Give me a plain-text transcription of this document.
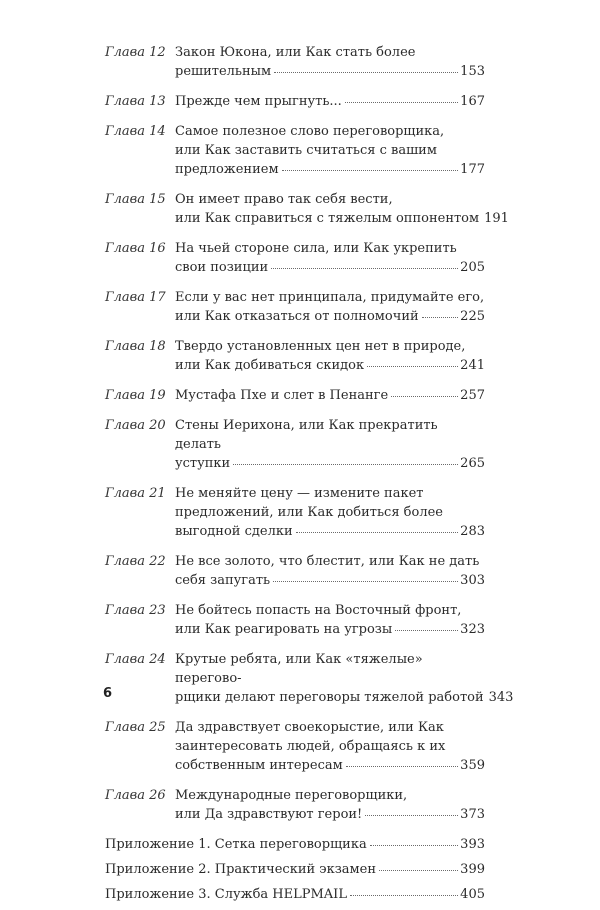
Глава 12 Закон Юкона, или Как стать более
решительным	153
Глава 13 Прежде чем прыгнуть...	167
Глава 14 Самое полезное слово переговорщика,
или Как заставить считаться с вашим
предложением	177
Глава 15 Он имеет право так себя вести,
или Как справиться с тяжелым оппонентом 191
Глава 16 На чьей стороне сила, или Как укрепить
свои позиции	205
Глава 17 Если у вас нет принципала, придумайте его,
или Как отказаться от полномочий	225
Глава 18 Твердо установленных цен нет в природе,
или Как добиваться скидок	241
Глава 19 Мустафа Пхе и слет в Пенанге	257
Глава 20 Стены Иерихона, или Как прекратить делать
уступки	265
Глава 21 Не меняйте цену — измените пакет
предложений, или Как добиться более
выгодной сделки	283
Глава 22 Не все золото, что блестит, или Как не дать
себя запугать	303
Глава 23 Не бойтесь попасть на Восточный фронт,
или Как реагировать на угрозы	323
Глава 24 Крутые ребята, или Как «тяжелые» перегово-
рщики делают переговоры тяжелой работой 343
Глава 25 Да здравствует своекорыстие, или Как
заинтересовать людей, обращаясь к их
собственным интересам	359
Глава 26 Международные переговорщики,
или Да здравствуют герои!	373
Приложение 1. Сетка переговорщика	393
Приложение 2. Практический экзамен	399
Приложение 3. Служба HELPMAIL	405
6
